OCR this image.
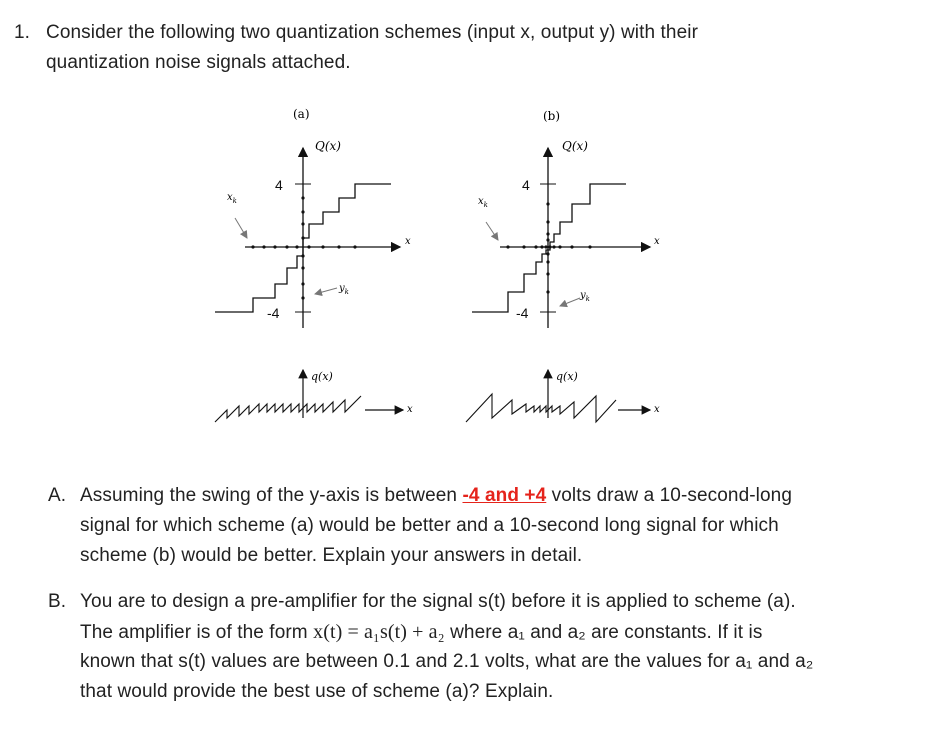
1. Consider the following two quantization schemes (input x, output y) with their
quantization noise signals attached.
(a)
Q(x)
x
4
-4
$x_k$
$y_k$
q(x)
x
(b)
Q(x)
x
4
-4
$x_k$
$y_k$
q(x)
x
A. Assuming the swing of the y-axis is between -4 and +4 volts draw a 10-second-long
signal for which scheme (a) would be better and a 10-second long signal for which
scheme (b) would be better. Explain your answers in detail.
B. You are to design a pre-amplifier for the signal s(t) before it is applied to scheme (a).
The amplifier is of the form x(t) = a₁s(t) + a₂ where a₁ and a₂ are constants. If it is
known that s(t) values are between 0.1 and 2.1 volts, what are the values for a₁ and a₂
that would provide the best use of scheme (a)? Explain.
